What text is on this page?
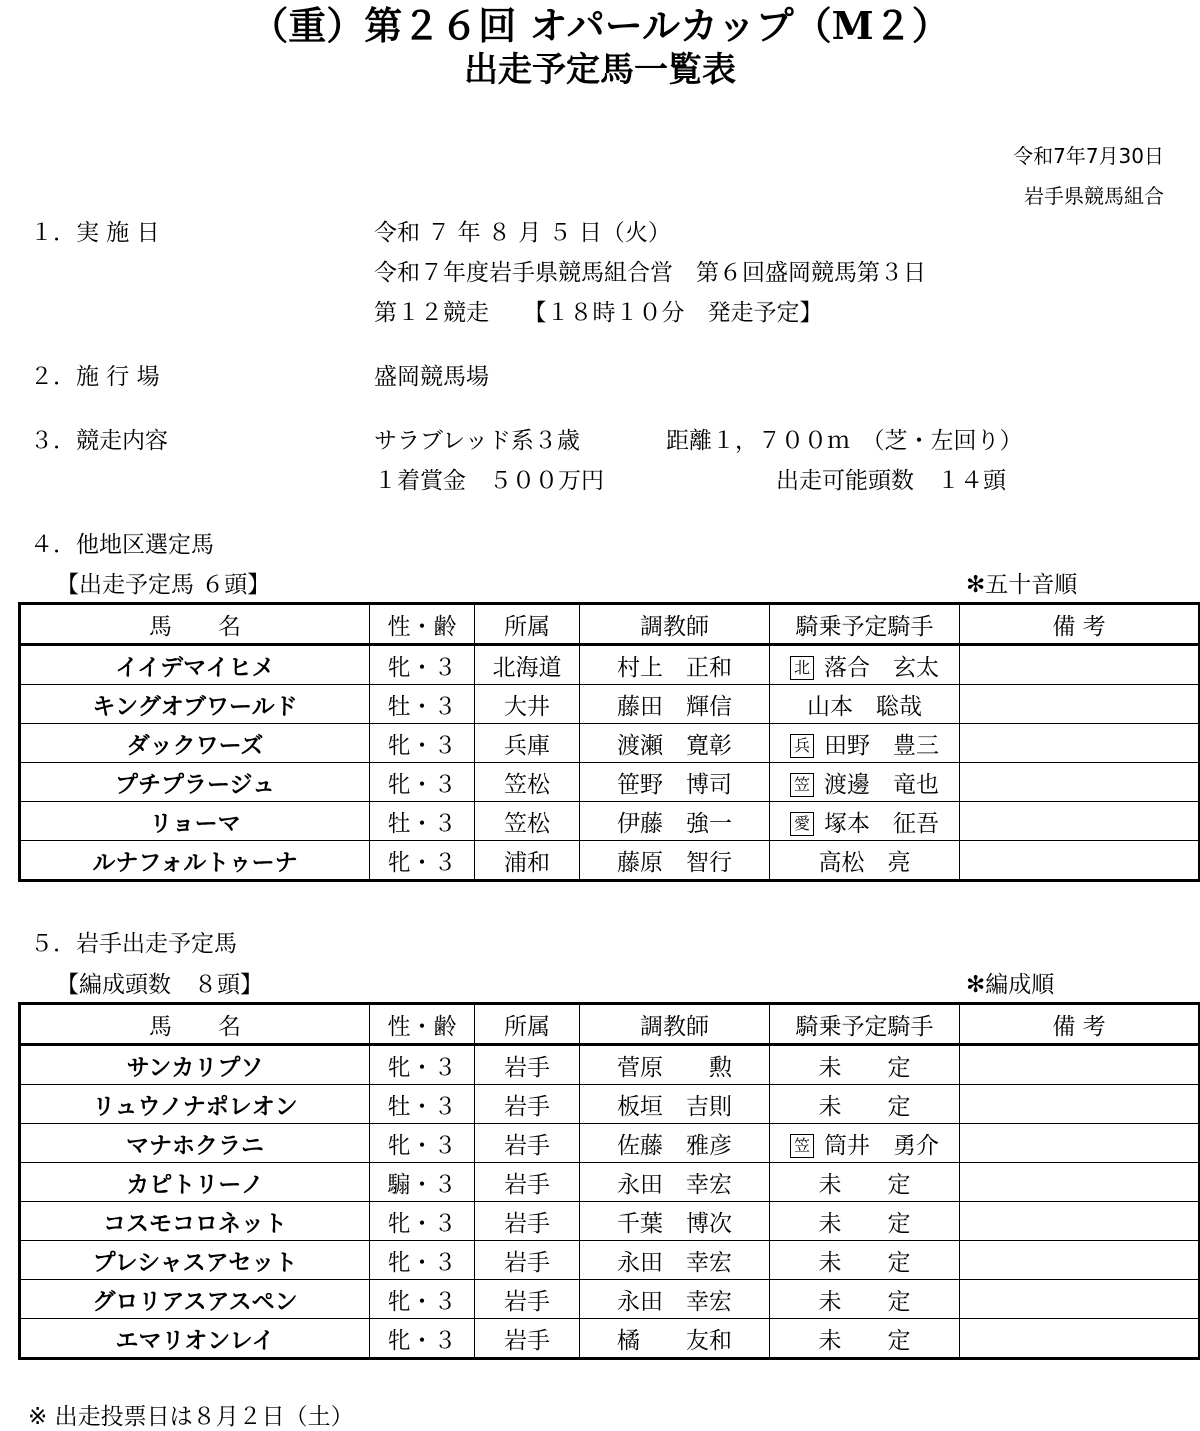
（重）第２６回 オパールカップ（M２）
出走予定馬一覧表
令和7年7月30日
岩手県競馬組合
１．実 施 日	令和 ７ 年 ８ 月 ５ 日（火）
令和７年度岩手県競馬組合営　第６回盛岡競馬第３日
第１２競走　　【１８時１０分　発走予定】
２．施 行 場	盛岡競馬場
３．競走内容	サラブレッド系３歳	距離１，７００ｍ　（芝・左回り）
１着賞金　５００万円	出走可能頭数　１４頭
４．他地区選定馬
【出走予定馬 ６頭】	✻五十音順
馬　　名	性・齢	所属	調教師	騎乗予定騎手	備 考
イイデマイヒメ	牝・３	北海道	村上　正和	北 落合　玄太	
キングオブワールド	牡・３	大井	藤田　輝信	山本　聡哉	
ダックワーズ	牝・３	兵庫	渡瀬　寛彰	兵 田野　豊三	
プチプラージュ	牝・３	笠松	笹野　博司	笠 渡邊　竜也	
リョーマ	牡・３	笠松	伊藤　強一	愛 塚本　征吾	
ルナフォルトゥーナ	牝・３	浦和	藤原　智行	高松　亮	
５．岩手出走予定馬
【編成頭数　８頭】	✻編成順
馬　　名	性・齢	所属	調教師	騎乗予定騎手	備 考
サンカリプソ	牝・３	岩手	菅原　　勲	未　　定	
リュウノナポレオン	牡・３	岩手	板垣　吉則	未　　定	
マナホクラニ	牝・３	岩手	佐藤　雅彦	笠 筒井　勇介	
カピトリーノ	騸・３	岩手	永田　幸宏	未　　定	
コスモコロネット	牝・３	岩手	千葉　博次	未　　定	
プレシャスアセット	牝・３	岩手	永田　幸宏	未　　定	
グロリアスアスペン	牝・３	岩手	永田　幸宏	未　　定	
エマリオンレイ	牝・３	岩手	橘　　友和	未　　定	
※ 出走投票日は８月２日（土）
